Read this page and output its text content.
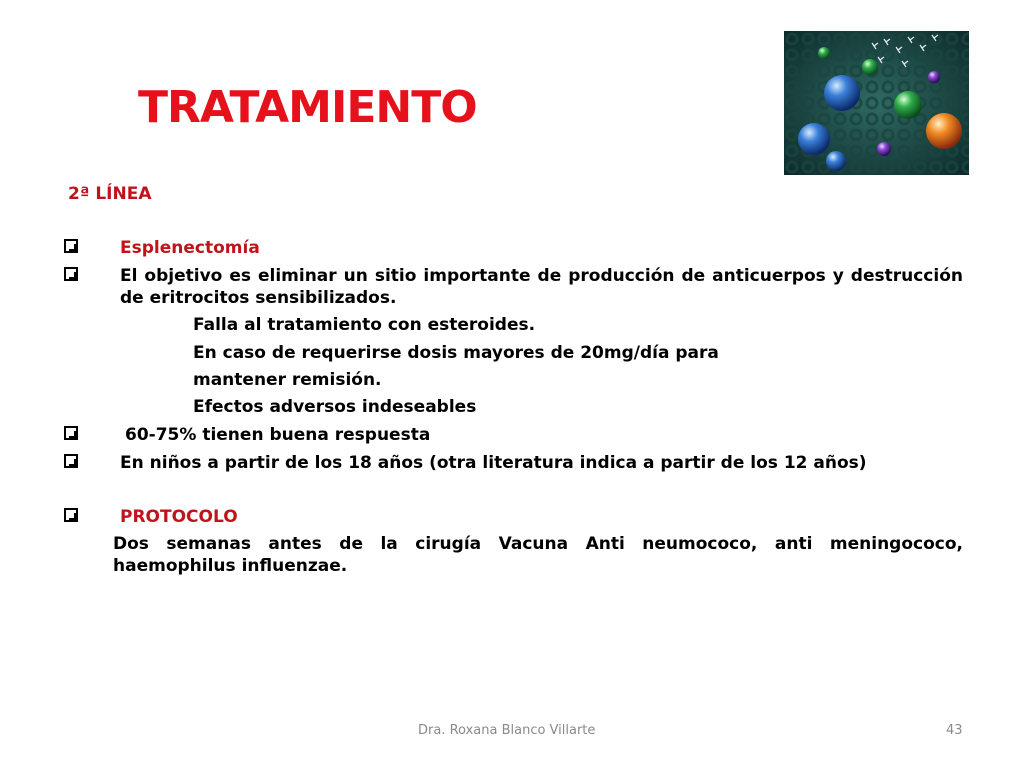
TRATAMIENTO
2ª LÍNEA
Esplenectomía
El objetivo es eliminar un sitio importante de producción de anticuerpos y destrucción de eritrocitos sensibilizados.
Falla al tratamiento con esteroides.
En caso de requerirse dosis mayores de 20mg/día para
mantener remisión.
Efectos adversos indeseables
60-75% tienen buena respuesta
En niños a partir de los 18 años (otra literatura indica a partir de los 12 años)
PROTOCOLO
Dos semanas antes de la cirugía Vacuna Anti neumococo, anti meningococo, haemophilus influenzae.
Dra. Roxana Blanco Villarte	43
